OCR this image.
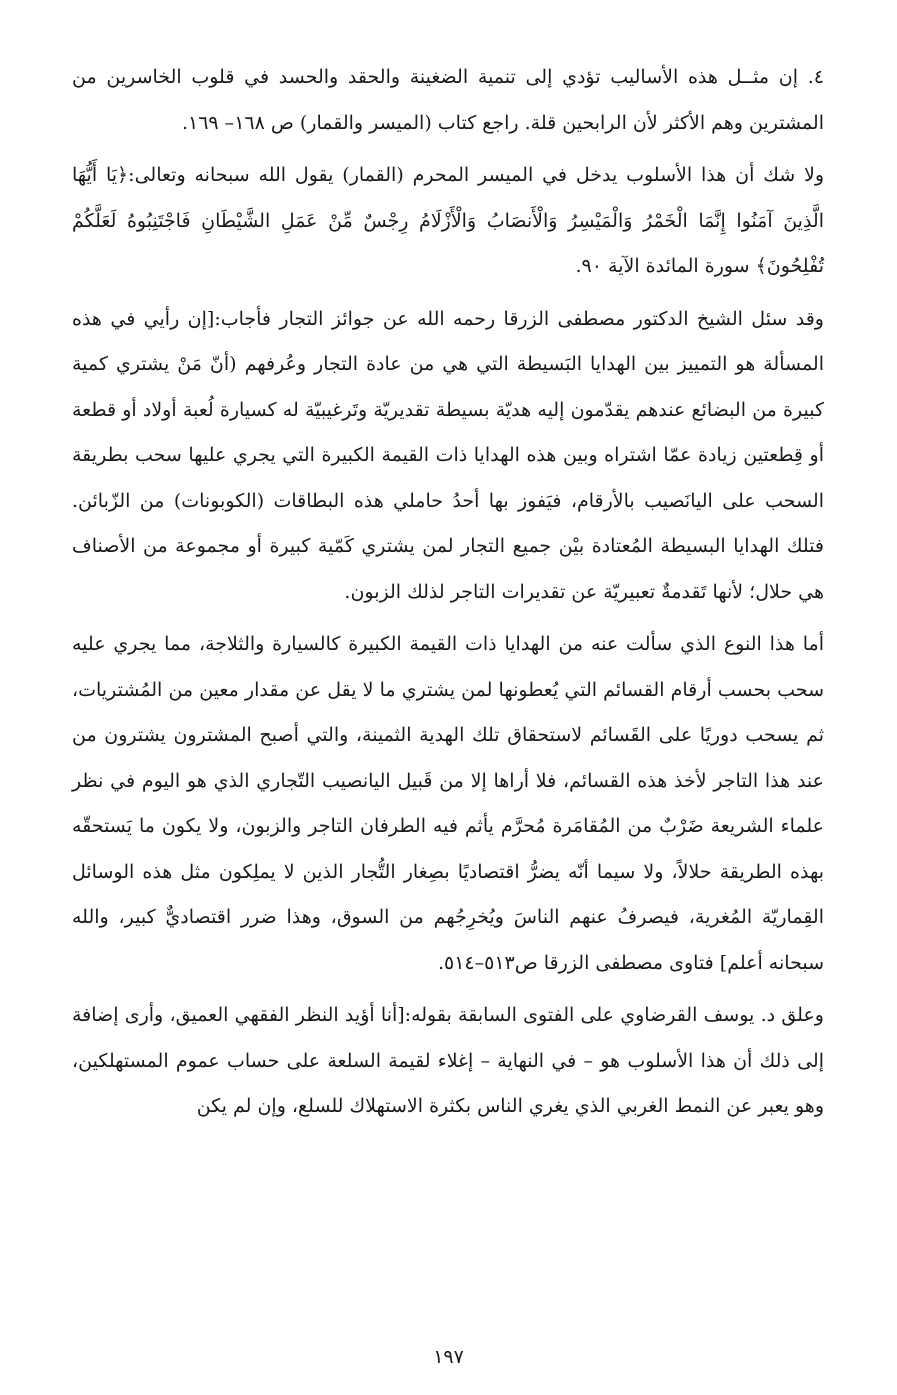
٤. إن مثــل هذه الأساليب تؤدي إلى تنمية الضغينة والحقد والحسد في قلوب الخاسرين من المشترين وهم الأكثر لأن الرابحين قلة. راجع كتاب (الميسر والقمار) ص ١٦٨– ١٦٩.

ولا شك أن هذا الأسلوب يدخل في الميسر المحرم (القمار) يقول الله سبحانه وتعالى:﴿يَا أَيُّهَا الَّذِينَ آمَنُوا إِنَّمَا الْخَمْرُ وَالْمَيْسِرُ وَالْأَنصَابُ وَالْأَزْلَامُ رِجْسٌ مِّنْ عَمَلِ الشَّيْطَانِ فَاجْتَنِبُوهُ لَعَلَّكُمْ تُفْلِحُونَ﴾ سورة المائدة الآية ٩٠.

وقد سئل الشيخ الدكتور مصطفى الزرقا رحمه الله عن جوائز التجار فأجاب:[إن رأيي في هذه المسألة هو التمييز بين الهدايا البَسيطة التي هي من عادة التجار وعُرفهم (أنّ مَنْ يشتري كمية كبيرة من البضائع عندهم يقدّمون إليه هديّة بسيطة تقديريّة وتَرغيبيّة له كسيارة لُعبة أولاد أو قطعة أو قِطعتين زيادة عمّا اشتراه وبين هذه الهدايا ذات القيمة الكبيرة التي يجري عليها سحب بطريقة السحب على اليانَصيب بالأرقام، فيَفوز بها أحدُ حاملي هذه البطاقات (الكوبونات) من الزّبائن. فتلك الهدايا البسيطة المُعتادة بيْن جميع التجار لمن يشتري كَمّية كبيرة أو مجموعة من الأصناف هي حلال؛ لأنها تَقدمةٌ تعبيريّة عن تقديرات التاجر لذلك الزبون.

أما هذا النوع الذي سألت عنه من الهدايا ذات القيمة الكبيرة كالسيارة والثلاجة، مما يجري عليه سحب بحسب أرقام القسائم التي يُعطونها لمن يشتري ما لا يقل عن مقدار معين من المُشتريات، ثم يسحب دوريًا على القَسائم لاستحقاق تلك الهدية الثمينة، والتي أصبح المشترون يشترون من عند هذا التاجر لأخذ هذه القسائم، فلا أراها إلا من قَبيل اليانصيب التّجاري الذي هو اليوم في نظر علماء الشريعة ضَرْبٌ من المُقامَرة مُحرَّم يأثم فيه الطرفان التاجر والزبون، ولا يكون ما يَستحقّه بهذه الطريقة حلالاً، ولا سيما أنّه يضرُّ اقتصاديًا بصِغار التُّجار الذين لا يملِكون مثل هذه الوسائل القِماريّة المُغرية، فيصرفُ عنهم الناسَ ويُخرِجُهم من السوق، وهذا ضرر اقتصاديٌّ كبير، والله سبحانه أعلم] فتاوى مصطفى الزرقا ص٥١٣–٥١٤.

وعلق د. يوسف القرضاوي على الفتوى السابقة بقوله:[أنا أؤيد النظر الفقهي العميق، وأرى إضافة إلى ذلك أن هذا الأسلوب هو – في النهاية – إغلاء لقيمة السلعة على حساب عموم المستهلكين، وهو يعبر عن النمط الغربي الذي يغري الناس بكثرة الاستهلاك للسلع، وإن لم يكن

١٩٧
